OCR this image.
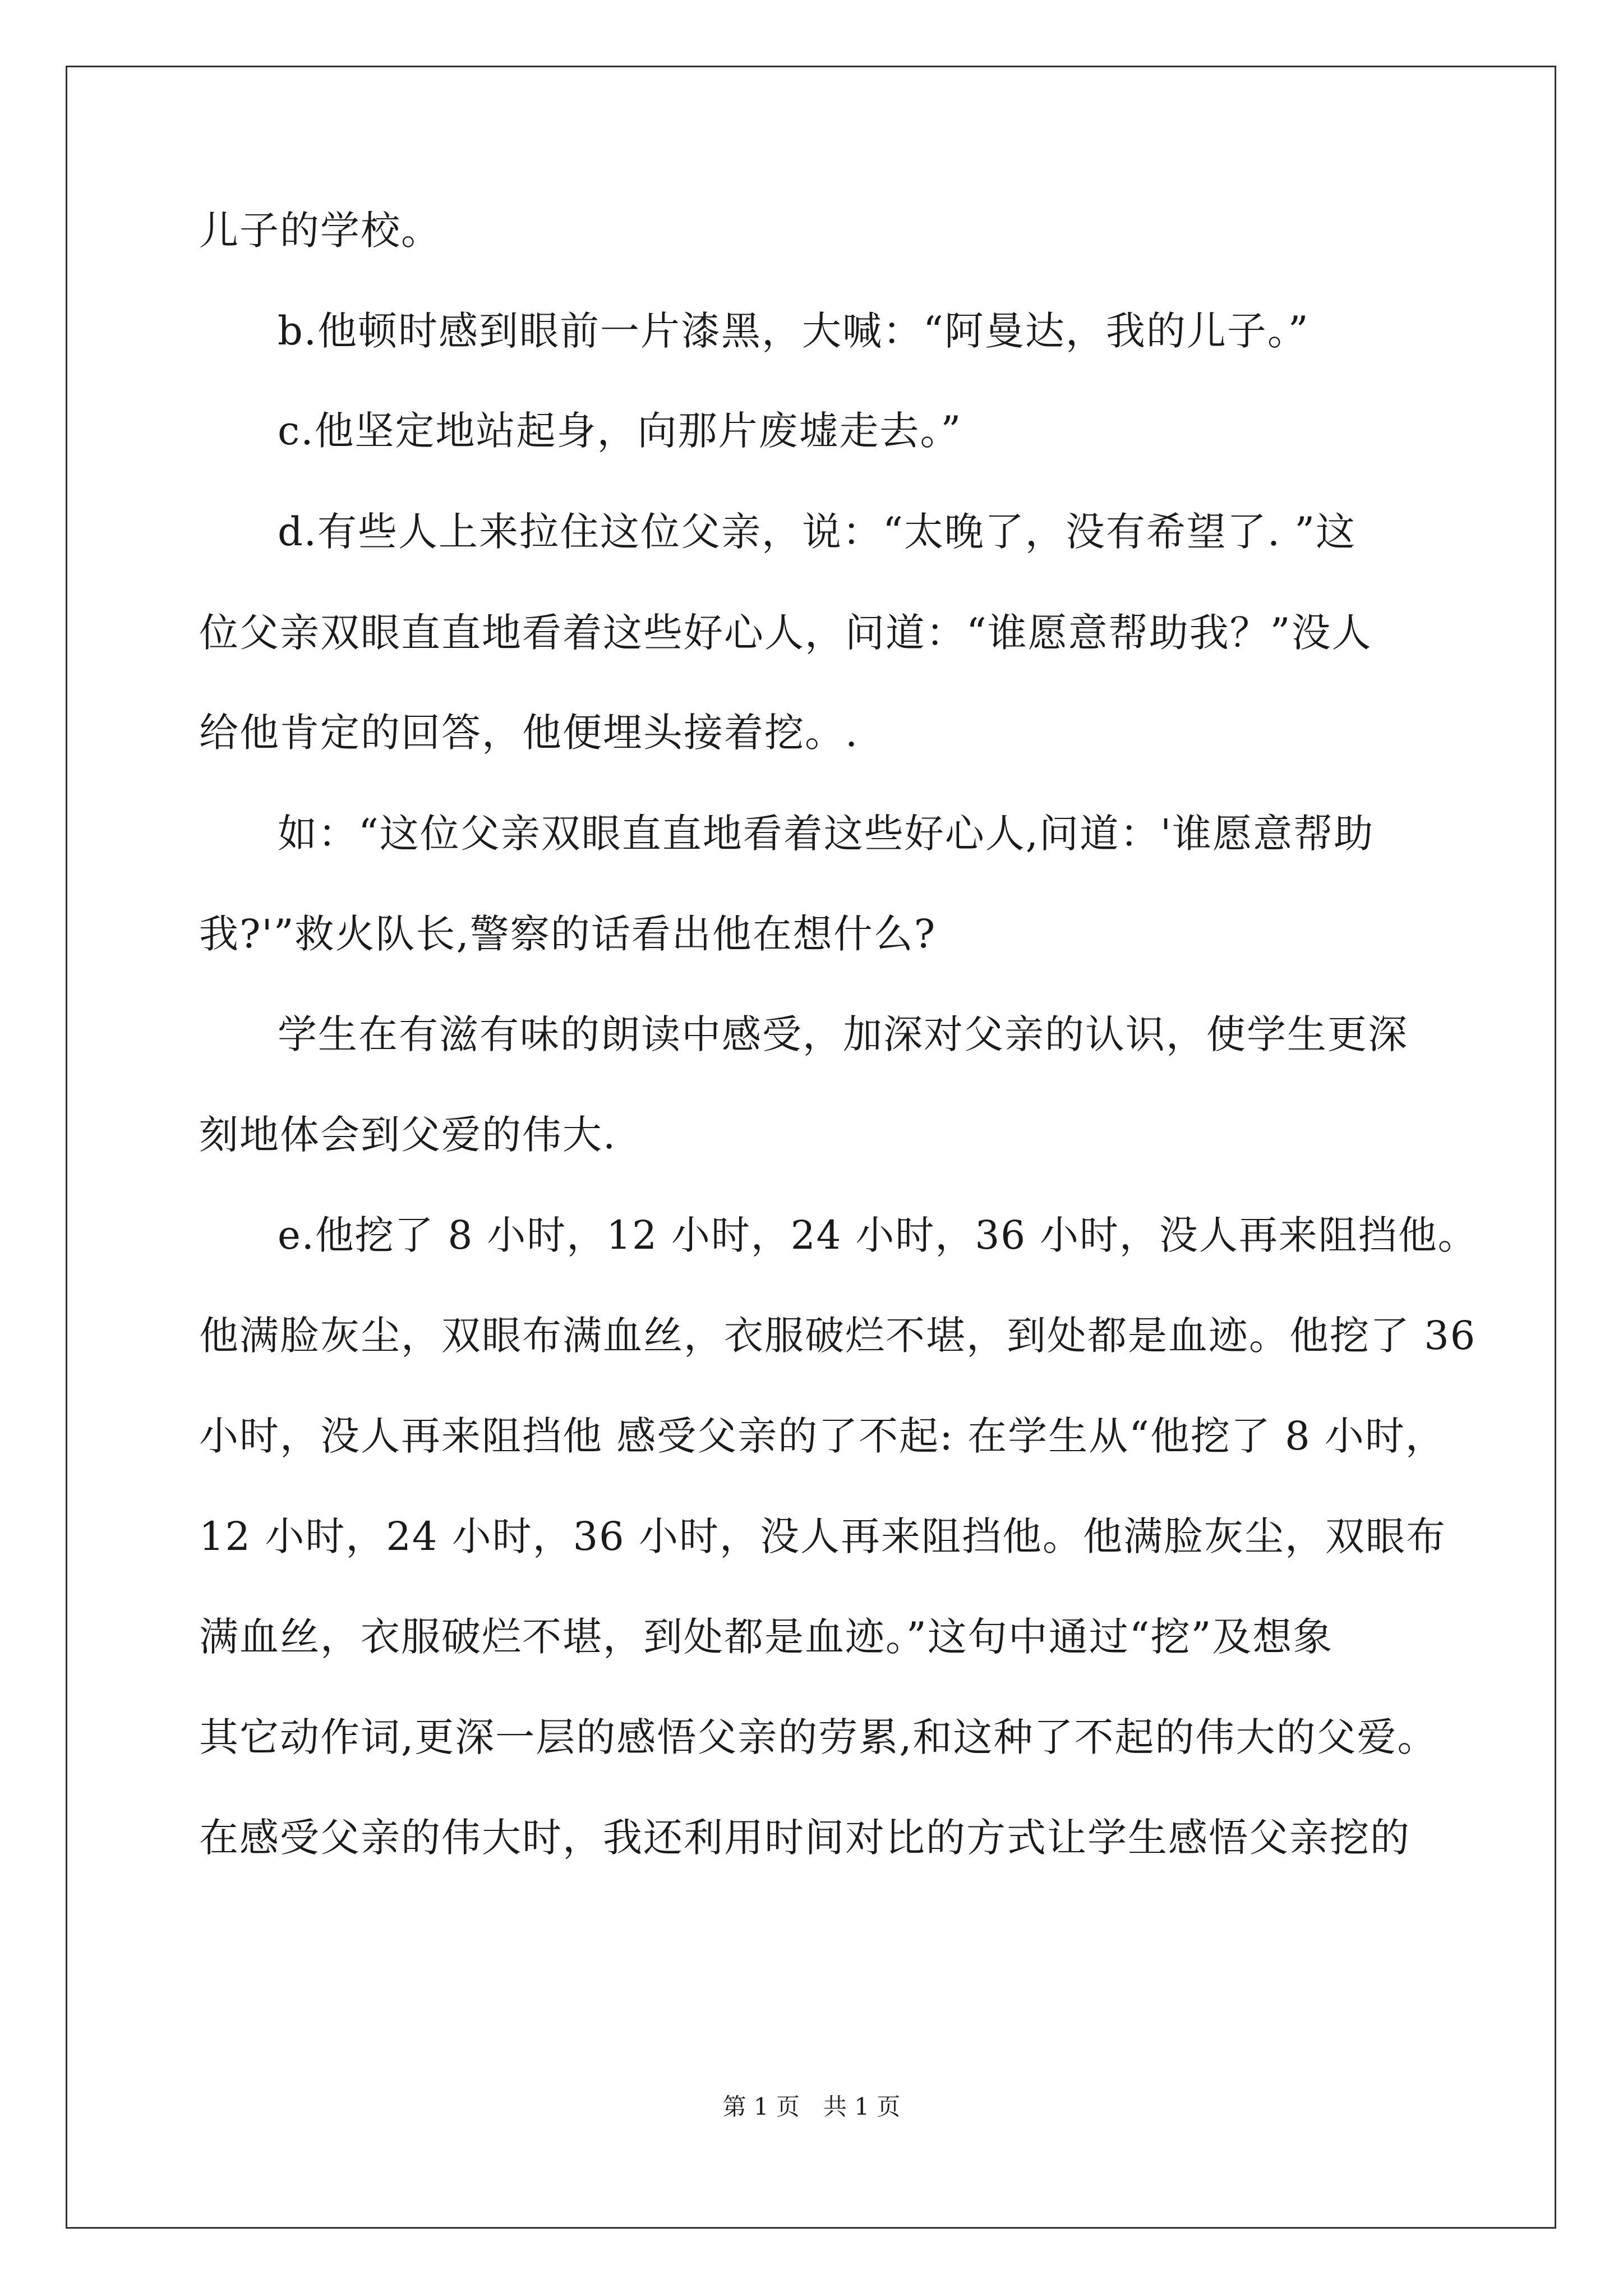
儿子的学校。
b.他顿时感到眼前一片漆黑，大喊：“阿曼达，我的儿子。”
c.他坚定地站起身，向那片废墟走去。”
d.有些人上来拉住这位父亲，说：“太晚了，没有希望了. ”这
位父亲双眼直直地看着这些好心人，问道：“谁愿意帮助我？”没人
给他肯定的回答，他便埋头接着挖。.
如：“这位父亲双眼直直地看着这些好心人,问道：'谁愿意帮助
我?'”救火队长,警察的话看出他在想什么?
学生在有滋有味的朗读中感受，加深对父亲的认识，使学生更深
刻地体会到父爱的伟大.
e.他挖了 8 小时，12 小时，24 小时，36 小时，没人再来阻挡他。
他满脸灰尘，双眼布满血丝，衣服破烂不堪，到处都是血迹。他挖了 36
小时，没人再来阻挡他 感受父亲的了不起: 在学生从“他挖了 8 小时，
12 小时，24 小时，36 小时，没人再来阻挡他。他满脸灰尘，双眼布
满血丝，衣服破烂不堪，到处都是血迹。”这句中通过“挖”及想象
其它动作词,更深一层的感悟父亲的劳累,和这种了不起的伟大的父爱。
在感受父亲的伟大时，我还利用时间对比的方式让学生感悟父亲挖的
第 1 页　共 1 页
